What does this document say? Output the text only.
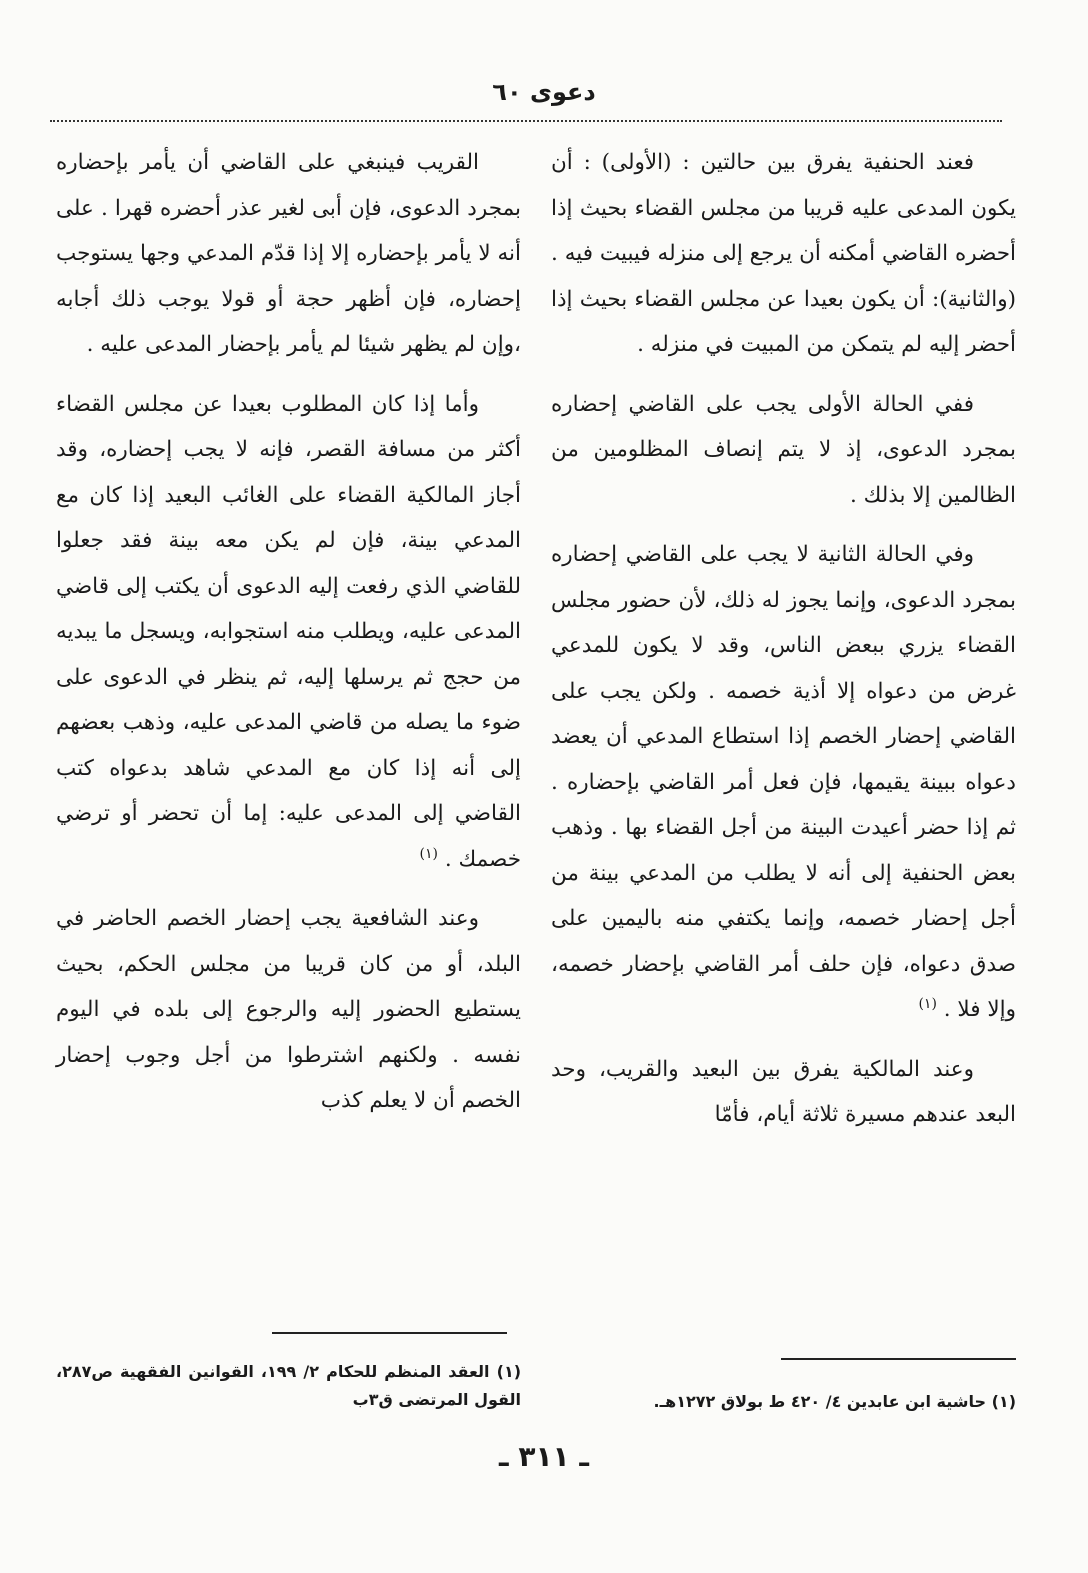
دعوى ٦٠

فعند الحنفية يفرق بين حالتين : (الأولى) : أن يكون المدعى عليه قريبا من مجلس القضاء بحيث إذا أحضره القاضي أمكنه أن يرجع إلى منزله فيبيت فيه .(والثانية): أن يكون بعيدا عن مجلس القضاء بحيث إذا أحضر إليه لم يتمكن من المبيت في منزله .

ففي الحالة الأولى يجب على القاضي إحضاره بمجرد الدعوى، إذ لا يتم إنصاف المظلومين من الظالمين إلا بذلك .

وفي الحالة الثانية لا يجب على القاضي إحضاره بمجرد الدعوى، وإنما يجوز له ذلك، لأن حضور مجلس القضاء يزري ببعض الناس، وقد لا يكون للمدعي غرض من دعواه إلا أذية خصمه . ولكن يجب على القاضي إحضار الخصم إذا استطاع المدعي أن يعضد دعواه ببينة يقيمها، فإن فعل أمر القاضي بإحضاره . ثم إذا حضر أعيدت البينة من أجل القضاء بها . وذهب بعض الحنفية إلى أنه لا يطلب من المدعي بينة من أجل إحضار خصمه، وإنما يكتفي منه باليمين على صدق دعواه، فإن حلف أمر القاضي بإحضار خصمه، وإلا فلا . $^{(١)}$

وعند المالكية يفرق بين البعيد والقريب، وحد البعد عندهم مسيرة ثلاثة أيام، فأمّا

القريب فينبغي على القاضي أن يأمر بإحضاره بمجرد الدعوى، فإن أبى لغير عذر أحضره قهرا . على أنه لا يأمر بإحضاره إلا إذا قدّم المدعي وجها يستوجب إحضاره، فإن أظهر حجة أو قولا يوجب ذلك أجابه ،وإن لم يظهر شيئا لم يأمر بإحضار المدعى عليه .

وأما إذا كان المطلوب بعيدا عن مجلس القضاء أكثر من مسافة القصر، فإنه لا يجب إحضاره، وقد أجاز المالكية القضاء على الغائب البعيد إذا كان مع المدعي بينة، فإن لم يكن معه بينة فقد جعلوا للقاضي الذي رفعت إليه الدعوى أن يكتب إلى قاضي المدعى عليه، ويطلب منه استجوابه، ويسجل ما يبديه من حجج ثم يرسلها إليه، ثم ينظر في الدعوى على ضوء ما يصله من قاضي المدعى عليه، وذهب بعضهم إلى أنه إذا كان مع المدعي شاهد بدعواه كتب القاضي إلى المدعى عليه: إما أن تحضر أو ترضي خصمك . $^{(١)}$

وعند الشافعية يجب إحضار الخصم الحاضر في البلد، أو من كان قريبا من مجلس الحكم، بحيث يستطيع الحضور إليه والرجوع إلى بلده في اليوم نفسه . ولكنهم اشترطوا من أجل وجوب إحضار الخصم أن لا يعلم كذب

(١) العقد المنظم للحكام ٢/ ١٩٩، القوانين الفقهية ص٢٨٧، القول المرتضى ق٣ب	(١) حاشية ابن عابدين ٤/ ٤٢٠ ط بولاق ١٢٧٢هـ.
ـ ٣١١ ـ
